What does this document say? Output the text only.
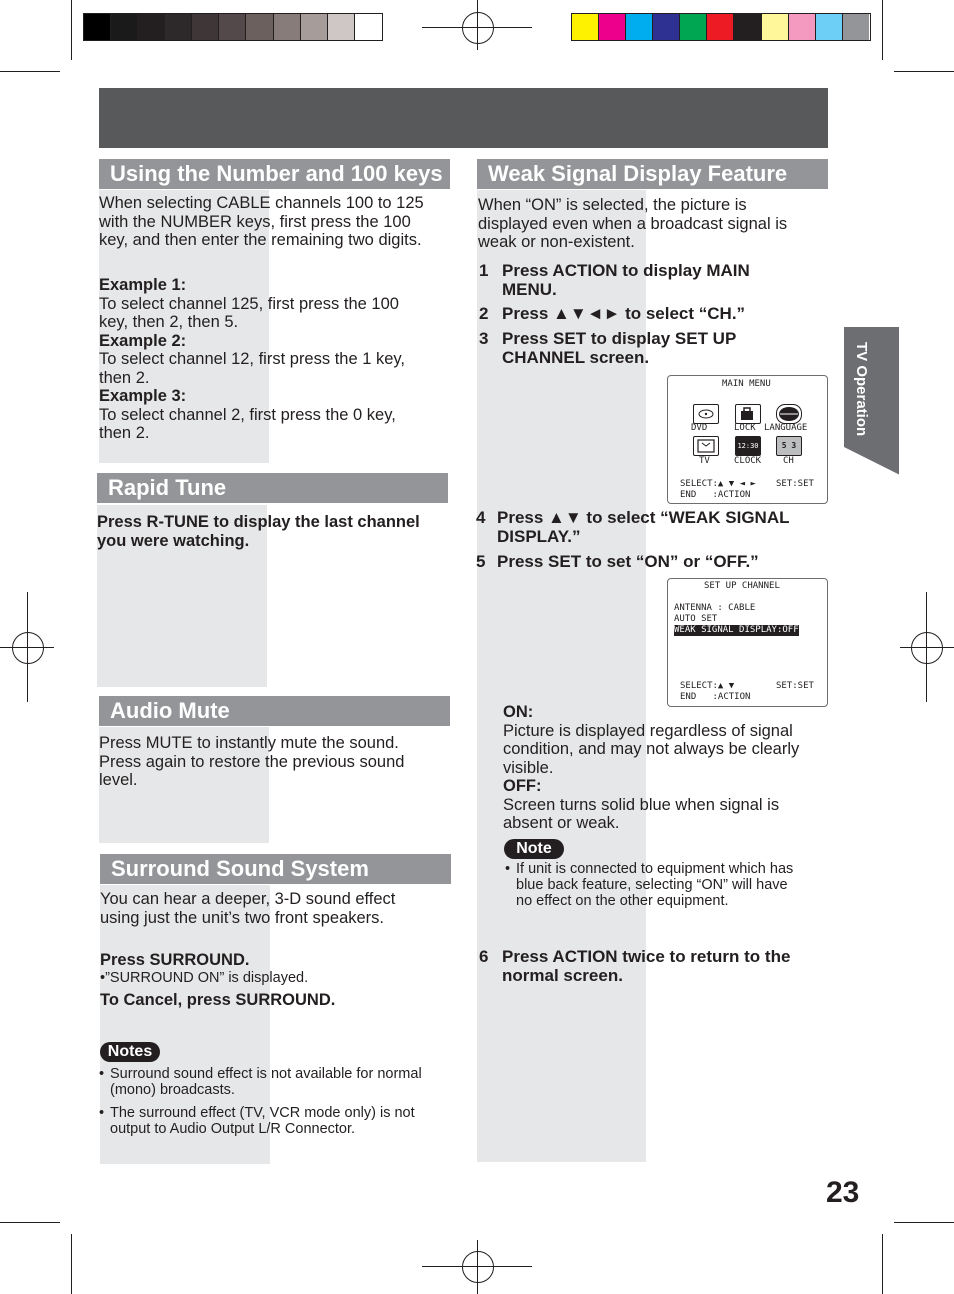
Using the Number and 100 keys

When selecting CABLE channels 100 to 125

with the NUMBER keys, first press the 100

key, and then enter the remaining two digits.

Example 1:

To select channel 125, first press the 100

key, then 2, then 5.

Example 2:

To select channel 12, first press the 1 key,

then 2.

Example 3:

To select channel 2, first press the 0 key,

then 2.

Rapid Tune

Press R-TUNE to display the last channel

you were watching.

Audio Mute

Press MUTE to instantly mute the sound.

Press again to restore the previous sound

level.

Surround Sound System

You can hear a deeper, 3-D sound effect

using just the unit’s two front speakers.

Press SURROUND.
•”SURROUND ON” is displayed.
To Cancel, press SURROUND.
Notes
• Surround sound effect is not available for normal
(mono) broadcasts.
• The surround effect (TV, VCR mode only) is not
output to Audio Output L/R Connector.
Weak Signal Display Feature

When “ON” is selected, the picture is

displayed even when a broadcast signal is

weak or non-existent.

1 Press ACTION to display MAIN
MENU.
2 Press ▲▼◄► to select “CH.”
3 Press SET to display SET UP
CHANNEL screen.
MAIN MENU
DVD	LOCK LANGUAGE
12:30	5 3
TV	CLOCK CH
SELECT:▲ ▼ ◄ ► SET:SET
END   :ACTION
4 Press ▲▼ to select “WEAK SIGNAL
DISPLAY.”
5 Press SET to set “ON” or “OFF.”
SET UP CHANNEL
ANTENNA : CABLE
AUTO SET
WEAK SIGNAL DISPLAY:OFF
SELECT:▲ ▼	SET:SET
END   :ACTION

ON:

Picture is displayed regardless of signal

condition, and may not always be clearly

visible.

OFF:

Screen turns solid blue when signal is

absent or weak.

Note
• If unit is connected to equipment which has
blue back feature, selecting “ON” will have
no effect on the other equipment.
6 Press ACTION twice to return to the
normal screen.
TV Operation
23
